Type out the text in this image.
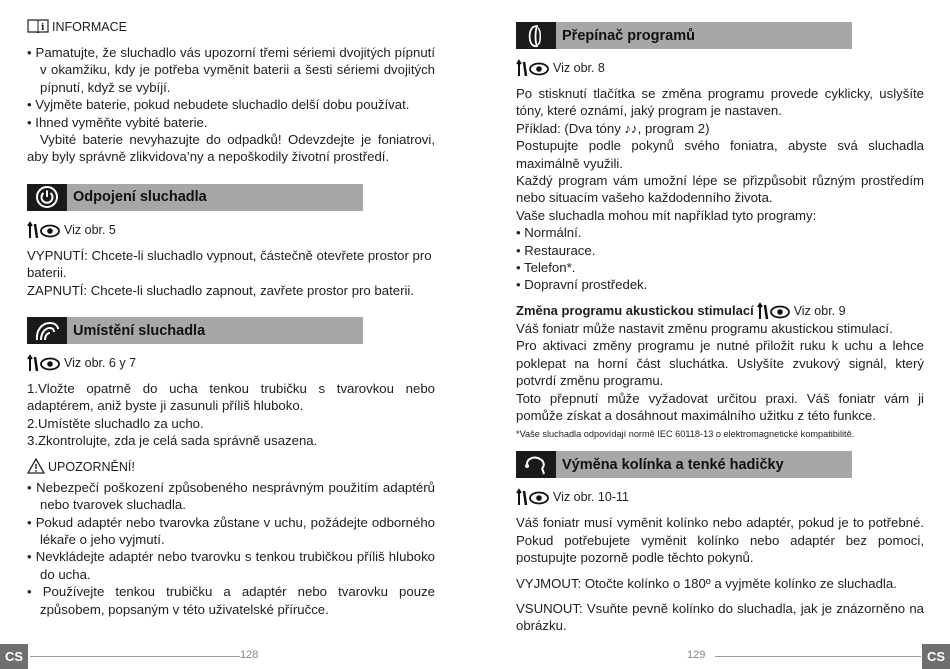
i INFORMACE

• Pamatujte, že sluchadlo vás upozorní třemi sériemi dvojitých pípnutí v okamžiku, kdy je potřeba vyměnit baterii a šesti sériemi dvojitých pípnutí, když se vybíjí.

• Vyjměte baterie, pokud nebudete sluchadlo delší dobu používat.

• Ihned vyměňte vybité baterie.

Vybité baterie nevyhazujte do odpadků! Odevzdejte je foniatrovi, aby byly správně zlikvidova’ny a nepoškodily životní prostředí.

Odpojení sluchadla
Viz obr. 5

VYPNUTÍ: Chcete-li sluchadlo vypnout, částečně otevřete prostor pro baterii.

ZAPNUTÍ: Chcete-li sluchadlo zapnout, zavřete prostor pro baterii.

Umístění sluchadla
Viz obr. 6 y 7

1.Vložte opatrně do ucha tenkou trubičku s tvarovkou nebo adaptérem, aniž byste ji zasunuli příliš hluboko.

2.Umístěte sluchadlo za ucho.

3.Zkontrolujte, zda je celá sada správně usazena.

UPOZORNĚNÍ!

• Nebezpečí poškození způsobeného nesprávným použitím adaptérů nebo tvarovek sluchadla.

• Pokud adaptér nebo tvarovka zůstane v uchu, požádejte odborného lékaře o jeho vyjmutí.

• Nevkládejte adaptér nebo tvarovku s tenkou trubičkou příliš hluboko do ucha.

• Používejte tenkou trubičku a adaptér nebo tvarovku pouze způsobem, popsaným v této uživatelské příručce.

CS	128
Přepínač programů
Viz obr. 8

Po stisknutí tlačítka se změna programu provede cyklicky, uslyšíte tóny, které oznámí, jaký program je nastaven.

Příklad: (Dva tóny ♪♪, program 2)

Postupujte podle pokynů svého foniatra, abyste svá sluchadla maximálně využili.

Každý program vám umožní lépe se přizpůsobit různým prostředím nebo situacím vašeho každodenního života.

Vaše sluchadla mohou mít například tyto programy:

• Normální.

• Restaurace.

• Telefon*.

• Dopravní prostředek.

Změna programu akustickou stimulací	Viz obr. 9

Váš foniatr může nastavit změnu programu akustickou stimulací.

Pro aktivaci změny programu je nutné přiložit ruku k uchu a lehce poklepat na horní část sluchátka. Uslyšíte zvukový signál, který potvrdí změnu programu.

Toto přepnutí může vyžadovat určitou praxi. Váš foniatr vám ji pomůže získat a dosáhnout maximálního užitku z této funkce.

*Vaše sluchadla odpovídají normě IEC 60118-13 o elektromagnetické kompatibilitě.

Výměna kolínka a tenké hadičky
Viz obr. 10-11

Váš foniatr musí vyměnit kolínko nebo adaptér, pokud je to potřebné. Pokud potřebujete vyměnit kolínko nebo adaptér bez pomoci, postupujte pozorně podle těchto pokynů.

VYJMOUT: Otočte kolínko o 180º a vyjměte kolínko ze sluchadla.

VSUNOUT: Vsuňte pevně kolínko do sluchadla, jak je znázorněno na obrázku.

129	CS
